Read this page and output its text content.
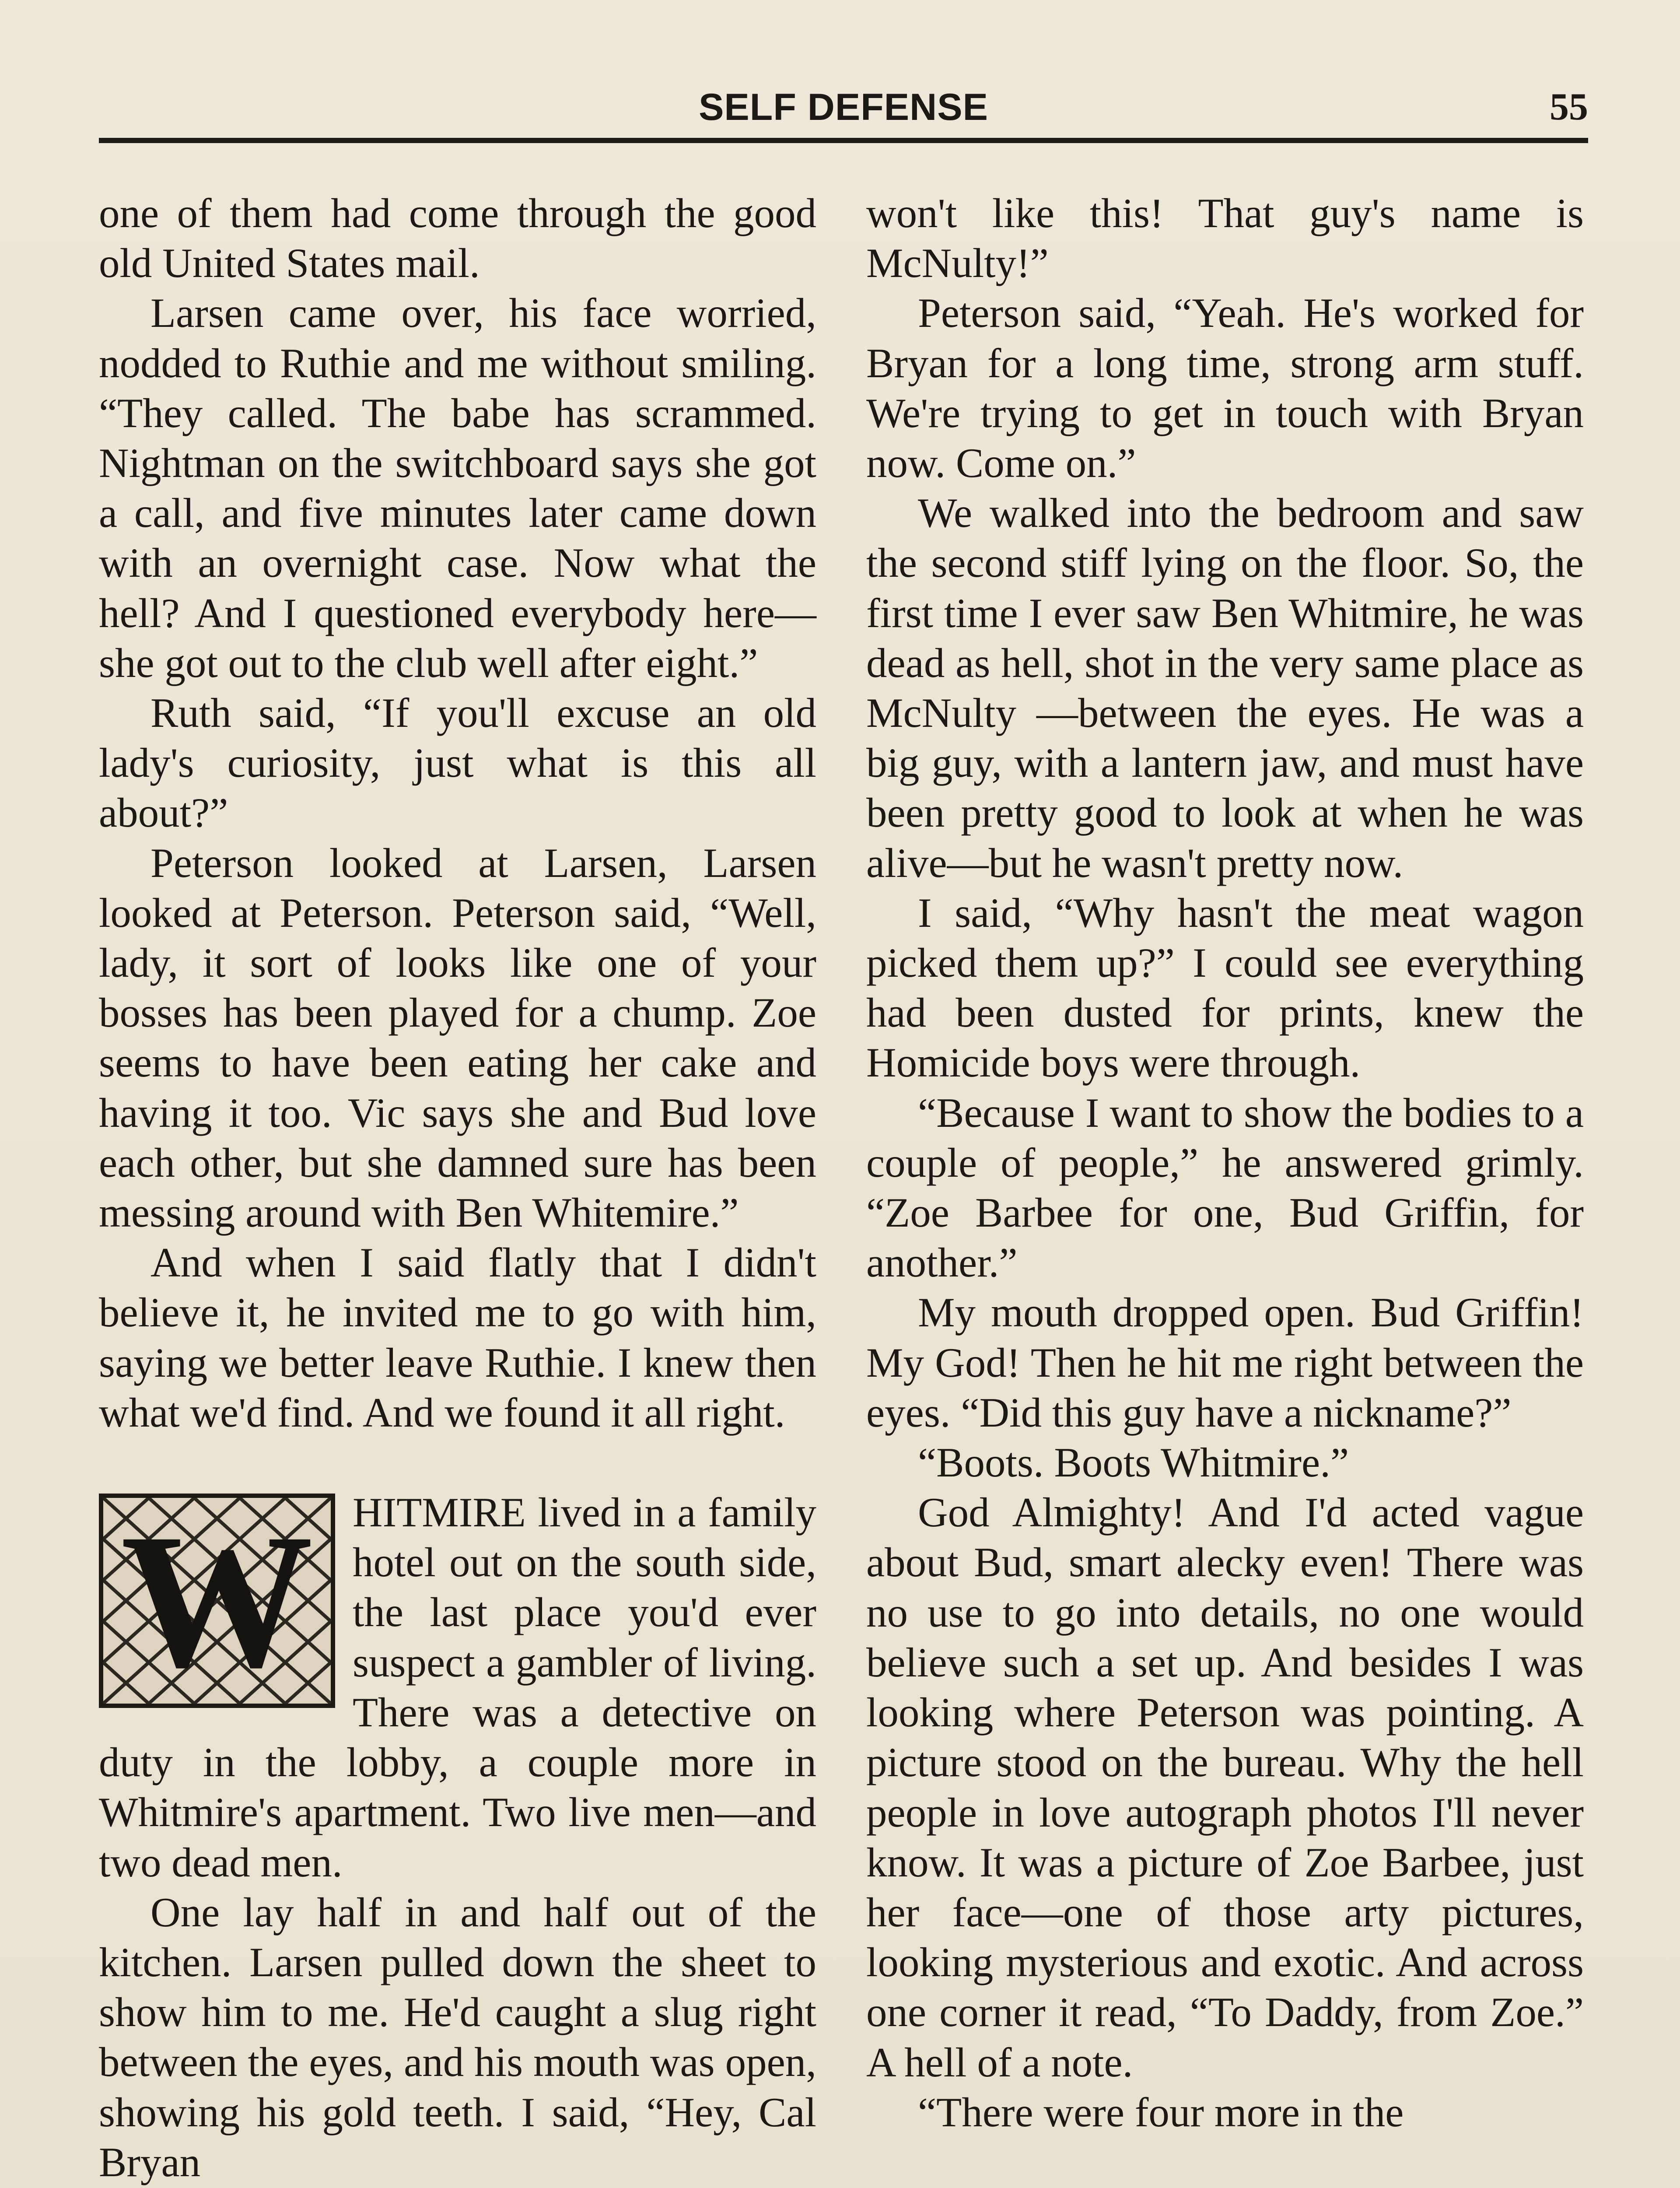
SELF DEFENSE	55

one of them had come through the good old United States mail.

Larsen came over, his face worried, nodded to Ruthie and me without smiling. “They called. The babe has scrammed. Nightman on the switchboard says she got a call, and five minutes later came down with an overnight case. Now what the hell? And I questioned everybody here—she got out to the club well after eight.”

Ruth said, “If you'll excuse an old lady's curiosity, just what is this all about?”

Peterson looked at Larsen, Larsen looked at Peterson. Peterson said, “Well, lady, it sort of looks like one of your bosses has been played for a chump. Zoe seems to have been eating her cake and having it too. Vic says she and Bud love each other, but she damned sure has been messing around with Ben Whitemire.”

And when I said flatly that I didn't believe it, he invited me to go with him, saying we better leave Ruthie. I knew then what we'd find. And we found it all right.

W HITMIRE lived in a family hotel out on the south side, the last place you'd ever suspect a gambler of living. There was a detective on duty in the lobby, a couple more in Whitmire's apartment. Two live men—and two dead men.

One lay half in and half out of the kitchen. Larsen pulled down the sheet to show him to me. He'd caught a slug right between the eyes, and his mouth was open, showing his gold teeth. I said, “Hey, Cal Bryan

won't like this! That guy's name is McNulty!”

Peterson said, “Yeah. He's worked for Bryan for a long time, strong arm stuff. We're trying to get in touch with Bryan now. Come on.”

We walked into the bedroom and saw the second stiff lying on the floor. So, the first time I ever saw Ben Whitmire, he was dead as hell, shot in the very same place as McNulty —between the eyes. He was a big guy, with a lantern jaw, and must have been pretty good to look at when he was alive—but he wasn't pretty now.

I said, “Why hasn't the meat wagon picked them up?” I could see everything had been dusted for prints, knew the Homicide boys were through.

“Because I want to show the bodies to a couple of people,” he answered grimly. “Zoe Barbee for one, Bud Griffin, for another.”

My mouth dropped open. Bud Griffin! My God! Then he hit me right between the eyes. “Did this guy have a nickname?”

“Boots. Boots Whitmire.”

God Almighty! And I'd acted vague about Bud, smart alecky even! There was no use to go into details, no one would believe such a set up. And besides I was looking where Peterson was pointing. A picture stood on the bureau. Why the hell people in love autograph photos I'll never know. It was a picture of Zoe Barbee, just her face—one of those arty pictures, looking mysterious and exotic. And across one corner it read, “To Daddy, from Zoe.” A hell of a note.

“There were four more in the
